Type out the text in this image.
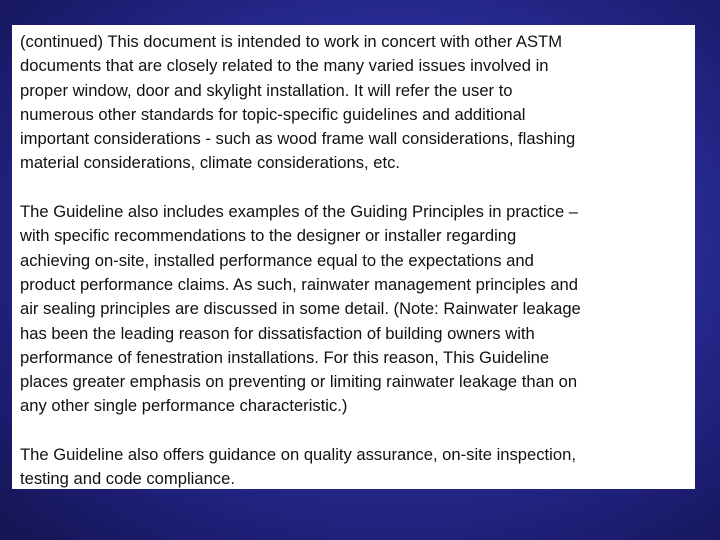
(continued) This document is intended to work in concert with other ASTM
documents that are closely related to the many varied issues involved in
proper window, door and skylight installation. It will refer the user to
numerous other standards for topic-specific guidelines and additional
important considerations - such as wood frame wall considerations, flashing
material considerations, climate considerations, etc.

The Guideline also includes examples of the Guiding Principles in practice –
with specific recommendations to the designer or installer regarding
achieving on-site, installed performance equal to the expectations and
product performance claims. As such, rainwater management principles and
air sealing principles are discussed in some detail. (Note: Rainwater leakage
has been the leading reason for dissatisfaction of building owners with
performance of fenestration installations. For this reason, This Guideline
places greater emphasis on preventing or limiting rainwater leakage than on
any other single performance characteristic.)

The Guideline also offers guidance on quality assurance, on-site inspection,
testing and code compliance.
